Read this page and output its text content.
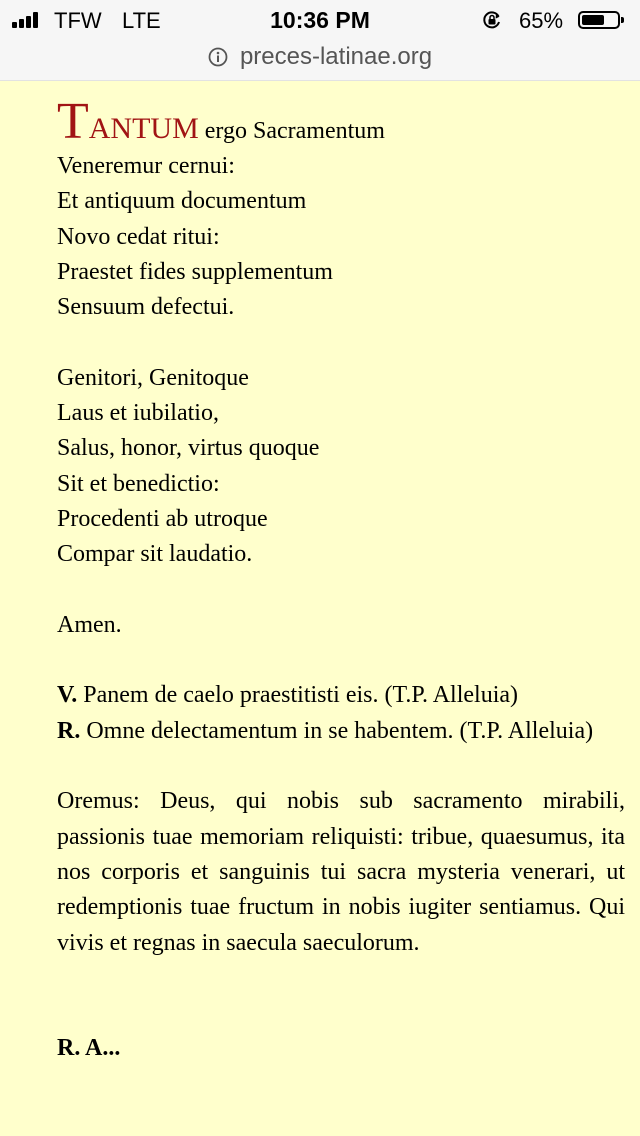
TFW LTE	10:36 PM	65%
preces-latinae.org

TANTUM ergo Sacramentum
Veneremur cernui:
Et antiquum documentum
Novo cedat ritui:
Praestet fides supplementum
Sensuum defectui.

Genitori, Genitoque
Laus et iubilatio,
Salus, honor, virtus quoque
Sit et benedictio:
Procedenti ab utroque
Compar sit laudatio.

Amen.

V. Panem de caelo praestitisti eis. (T.P. Alleluia)
R. Omne delectamentum in se habentem. (T.P. Alleluia)

Oremus: Deus, qui nobis sub sacramento mirabili, passionis tuae memoriam reliquisti: tribue, quaesumus, ita nos corporis et sanguinis tui sacra mysteria venerari, ut redemptionis tuae fructum in nobis iugiter sentiamus. Qui vivis et regnas in saecula saeculorum.

R. A...
